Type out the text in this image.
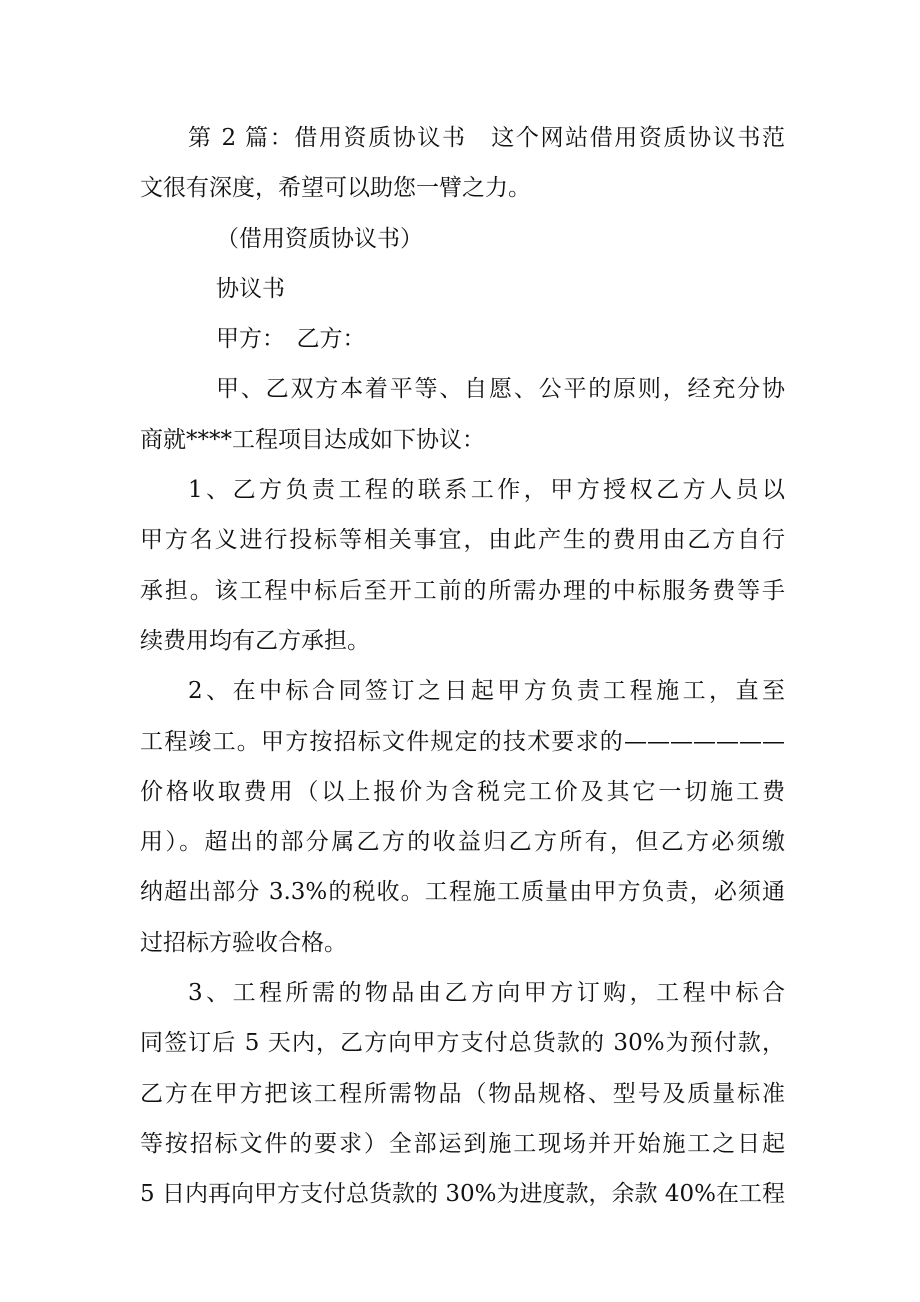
第 2 篇：借用资质协议书　这个网站借用资质协议书范
文很有深度，希望可以助您一臂之力。
（借用资质协议书）
协议书
甲方：　乙方：
甲、乙双方本着平等、自愿、公平的原则，经充分协
商就****工程项目达成如下协议：
1、乙方负责工程的联系工作，甲方授权乙方人员以
甲方名义进行投标等相关事宜，由此产生的费用由乙方自行
承担。该工程中标后至开工前的所需办理的中标服务费等手
续费用均有乙方承担。
2、在中标合同签订之日起甲方负责工程施工，直至
工程竣工。甲方按招标文件规定的技术要求的———————
价格收取费用（以上报价为含税完工价及其它一切施工费
用）。超出的部分属乙方的收益归乙方所有，但乙方必须缴
纳超出部分 3.3%的税收。工程施工质量由甲方负责，必须通
过招标方验收合格。
3、工程所需的物品由乙方向甲方订购，工程中标合
同签订后 5 天内，乙方向甲方支付总货款的 30%为预付款，
乙方在甲方把该工程所需物品（物品规格、型号及质量标准
等按招标文件的要求）全部运到施工现场并开始施工之日起
5 日内再向甲方支付总货款的 30%为进度款，余款 40%在工程
